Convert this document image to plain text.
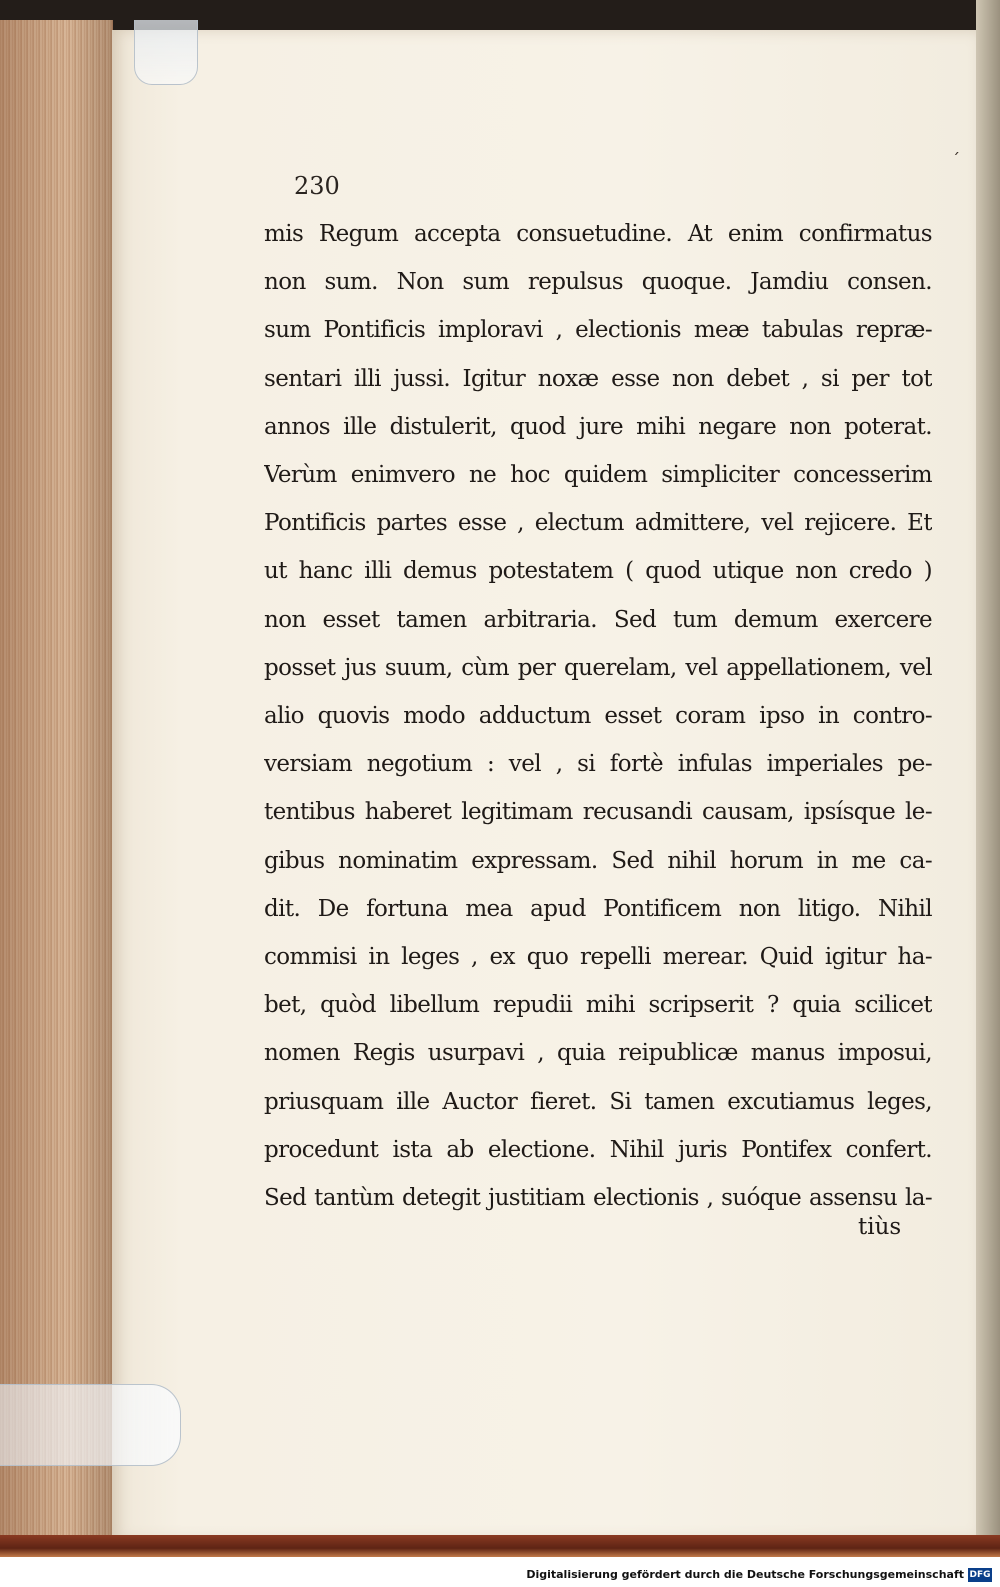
´
230
mis Regum accepta consuetudine. At enim confirmatus
non sum. Non sum repulsus quoque. Jamdiu consen.
sum Pontificis imploravi , electionis meæ tabulas repræ-
sentari illi jussi. Igitur noxæ esse non debet , si per tot
annos ille distulerit, quod jure mihi negare non poterat.
Verùm enimvero ne hoc quidem simpliciter concesserim
Pontificis partes esse , electum admittere, vel rejicere. Et
ut hanc illi demus potestatem ( quod utique non credo )
non esset tamen arbitraria. Sed tum demum exercere
posset jus suum, cùm per querelam, vel appellationem, vel
alio quovis modo adductum esset coram ipso in contro-
versiam negotium : vel , si fortè infulas imperiales pe-
tentibus haberet legitimam recusandi causam, ipsísque le-
gibus nominatim expressam. Sed nihil horum in me ca-
dit. De fortuna mea apud Pontificem non litigo. Nihil
commisi in leges , ex quo repelli merear. Quid igitur ha-
bet, quòd libellum repudii mihi scripserit ? quia scilicet
nomen Regis usurpavi , quia reipublicæ manus imposui,
priusquam ille Auctor fieret. Si tamen excutiamus leges,
procedunt ista ab electione. Nihil juris Pontifex confert.
Sed tantùm detegit justitiam electionis , suóque assensu la-
tiùs
Digitalisierung gefördert durch die Deutsche Forschungsgemeinschaft DFG
